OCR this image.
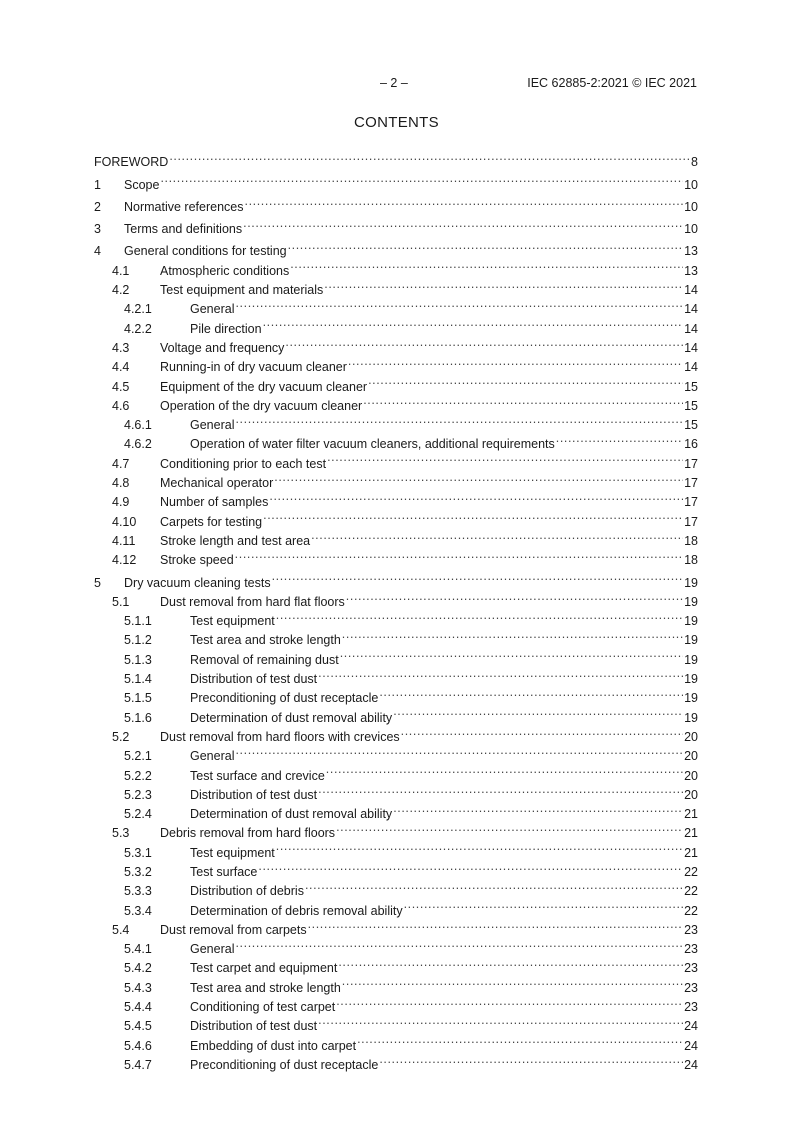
– 2 –	IEC 62885-2:2021 © IEC 2021
CONTENTS
FOREWORD .....	8
1	Scope .....	10
2	Normative references .....	10
3	Terms and definitions .....	10
4	General conditions for testing .....	13
4.1	Atmospheric conditions .....	13
4.2	Test equipment and materials .....	14
4.2.1	General .....	14
4.2.2	Pile direction .....	14
4.3	Voltage and frequency .....	14
4.4	Running-in of dry vacuum cleaner .....	14
4.5	Equipment of the dry vacuum cleaner .....	15
4.6	Operation of the dry vacuum cleaner .....	15
4.6.1	General .....	15
4.6.2	Operation of water filter vacuum cleaners, additional requirements .....	16
4.7	Conditioning prior to each test .....	17
4.8	Mechanical operator .....	17
4.9	Number of samples .....	17
4.10	Carpets for testing .....	17
4.11	Stroke length and test area .....	18
4.12	Stroke speed .....	18
5	Dry vacuum cleaning tests .....	19
5.1	Dust removal from hard flat floors .....	19
5.1.1	Test equipment .....	19
5.1.2	Test area and stroke length .....	19
5.1.3	Removal of remaining dust .....	19
5.1.4	Distribution of test dust .....	19
5.1.5	Preconditioning of dust receptacle .....	19
5.1.6	Determination of dust removal ability .....	19
5.2	Dust removal from hard floors with crevices .....	20
5.2.1	General .....	20
5.2.2	Test surface and crevice .....	20
5.2.3	Distribution of test dust .....	20
5.2.4	Determination of dust removal ability .....	21
5.3	Debris removal from hard floors .....	21
5.3.1	Test equipment .....	21
5.3.2	Test surface .....	22
5.3.3	Distribution of debris .....	22
5.3.4	Determination of debris removal ability .....	22
5.4	Dust removal from carpets .....	23
5.4.1	General .....	23
5.4.2	Test carpet and equipment .....	23
5.4.3	Test area and stroke length .....	23
5.4.4	Conditioning of test carpet .....	23
5.4.5	Distribution of test dust .....	24
5.4.6	Embedding of dust into carpet .....	24
5.4.7	Preconditioning of dust receptacle .....	24
